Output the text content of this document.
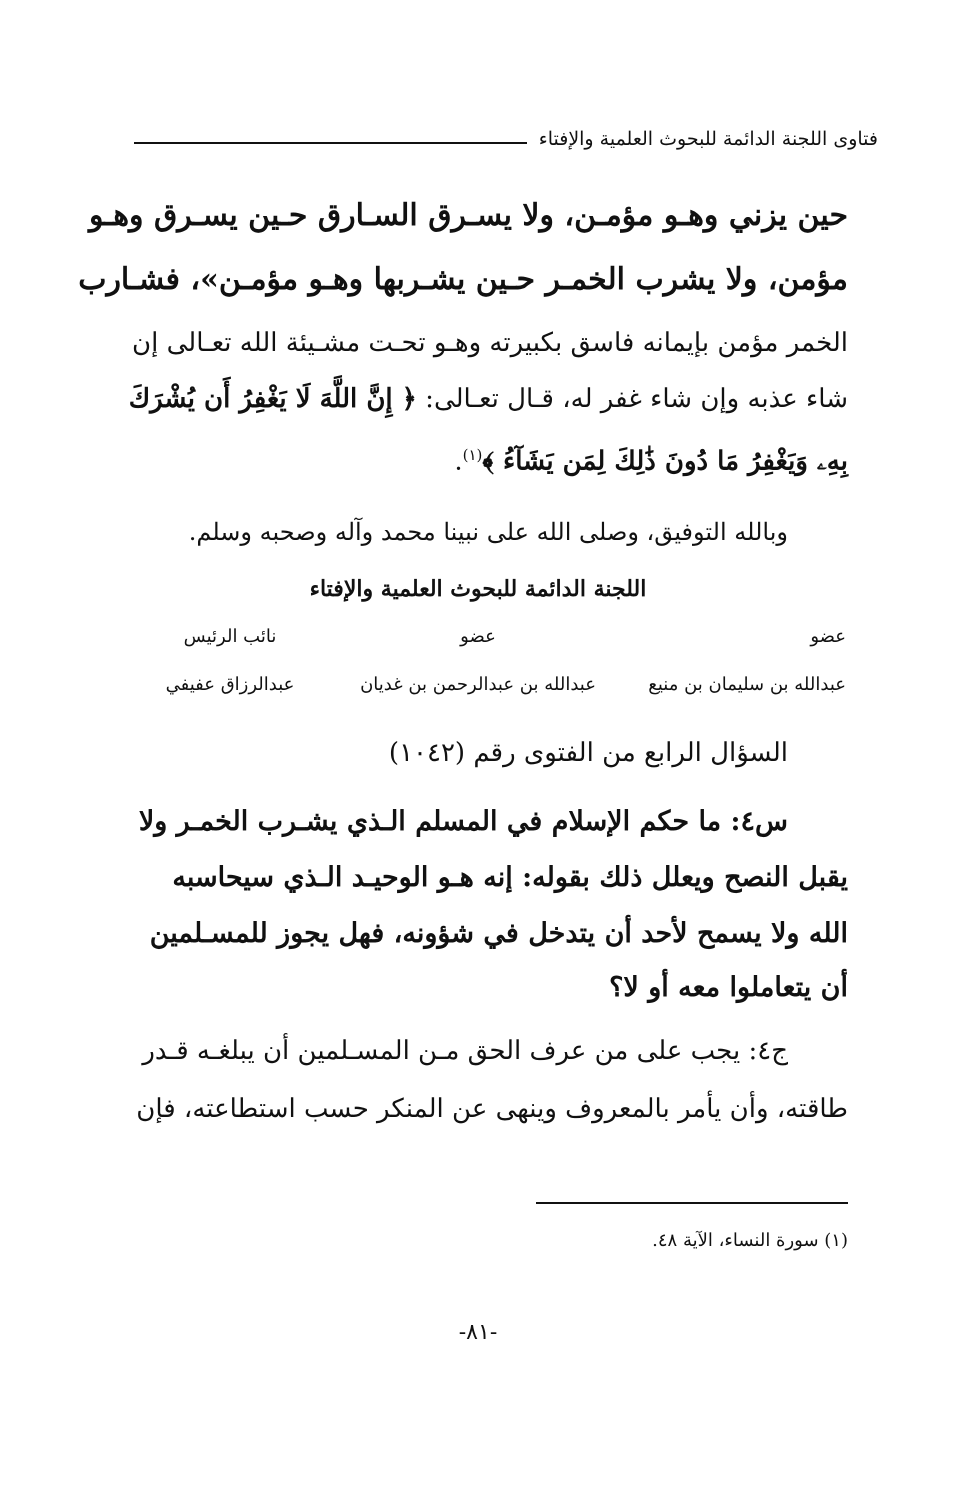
فتاوى اللجنة الدائمة للبحوث العلمية والإفتاء
حين يزني وهـو مؤمـن، ولا يسـرق السـارق حـين يسـرق وهـو
مؤمن، ولا يشرب الخمـر حـين يشـربها وهـو مؤمـن»، فشـارب
الخمر مؤمن بإيمانه فاسق بكبيرته وهـو تحـت مشـيئة الله تعـالى إن
شاء عذبه وإن شاء غفر له، قـال تعـالى: ﴿ إِنَّ اللَّهَ لَا يَغْفِرُ أَن يُشْرَكَ
بِهِۦ وَيَغْفِرُ مَا دُونَ ذَٰلِكَ لِمَن يَشَآءُ ﴾$^{(١)}$.
وبالله التوفيق، وصلى الله على نبينا محمد وآله وصحبه وسلم.
اللجنة الدائمة للبحوث العلمية والإفتاء
عضو
عضو
نائب الرئيس
عبدالله بن سليمان بن منيع
عبدالله بن عبدالرحمن بن غديان
عبدالرزاق عفيفي
السؤال الرابع من الفتوى رقم (١٠٤٢)
س٤: ما حكم الإسلام في المسلم الـذي يشـرب الخمـر ولا
يقبل النصح ويعلل ذلك بقوله: إنه هـو الوحيـد الـذي سيحاسبه
الله ولا يسمح لأحد أن يتدخل في شؤونه، فهل يجوز للمسـلمين
أن يتعاملوا معه أو لا؟
ج٤: يجب على من عرف الحق مـن المسـلمين أن يبلغـه قـدر
طاقته، وأن يأمر بالمعروف وينهى عن المنكر حسب استطاعته، فإن
(١) سورة النساء، الآية ٤٨.
-٨١-
